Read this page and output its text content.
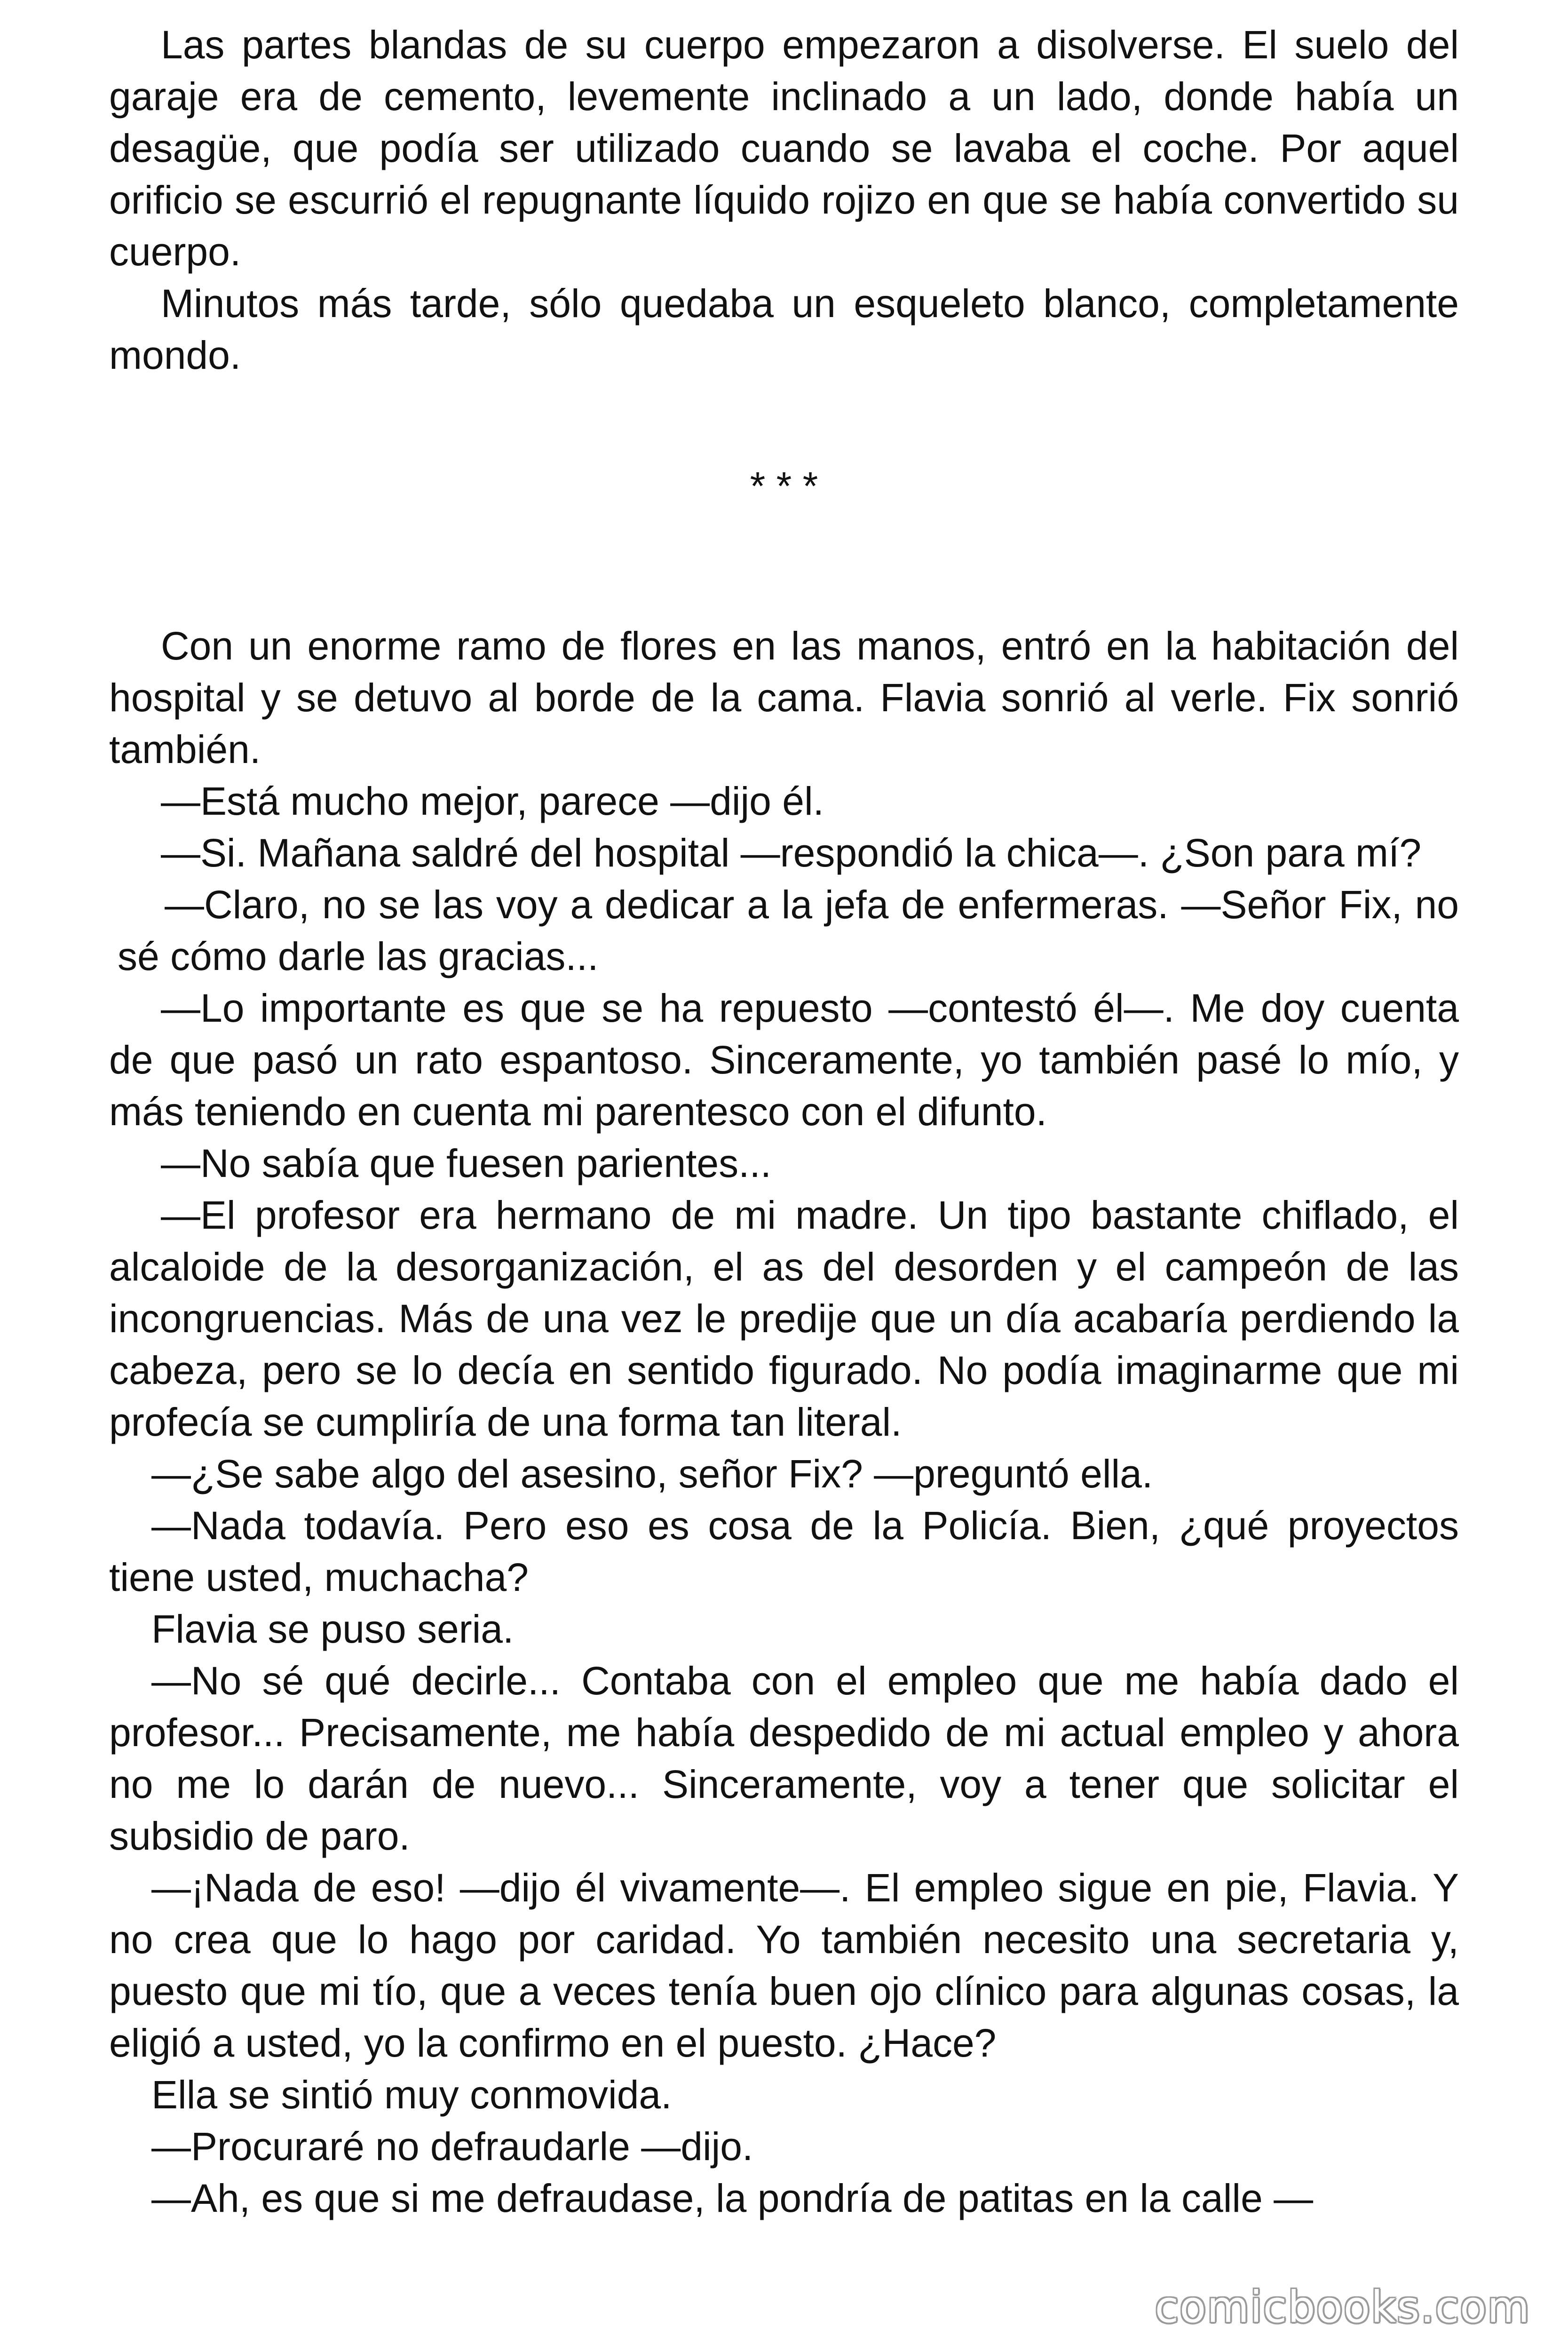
Las partes blandas de su cuerpo empezaron a disolverse. El suelo del garaje era de cemento, levemente inclinado a un lado, donde había un desagüe, que podía ser utilizado cuando se lavaba el coche. Por aquel orificio se escurrió el repugnante líquido rojizo en que se había convertido su cuerpo.

Minutos más tarde, sólo quedaba un esqueleto blanco, completamente mondo.

* * *

Con un enorme ramo de flores en las manos, entró en la habitación del hospital y se detuvo al borde de la cama. Flavia sonrió al verle. Fix sonrió también.

—Está mucho mejor, parece —dijo él.

—Si. Mañana saldré del hospital —respondió la chica—. ¿Son para mí?

—Claro, no se las voy a dedicar a la jefa de enfermeras. —Señor Fix, no sé cómo darle las gracias...

—Lo importante es que se ha repuesto —contestó él—. Me doy cuenta de que pasó un rato espantoso. Sinceramente, yo también pasé lo mío, y más teniendo en cuenta mi parentesco con el difunto.

—No sabía que fuesen parientes...

—El profesor era hermano de mi madre. Un tipo bastante chiflado, el alcaloide de la desorganización, el as del desorden y el campeón de las incongruencias. Más de una vez le predije que un día acabaría perdiendo la cabeza, pero se lo decía en sentido figurado. No podía imaginarme que mi profecía se cumpliría de una forma tan literal.

—¿Se sabe algo del asesino, señor Fix? —preguntó ella.

—Nada todavía. Pero eso es cosa de la Policía. Bien, ¿qué proyectos tiene usted, muchacha?

Flavia se puso seria.

—No sé qué decirle... Contaba con el empleo que me había dado el profesor... Precisamente, me había despedido de mi actual empleo y ahora no me lo darán de nuevo... Sinceramente, voy a tener que solicitar el subsidio de paro.

—¡Nada de eso! —dijo él vivamente—. El empleo sigue en pie, Flavia. Y no crea que lo hago por caridad. Yo también necesito una secretaria y, puesto que mi tío, que a veces tenía buen ojo clínico para algunas cosas, la eligió a usted, yo la confirmo en el puesto. ¿Hace?

Ella se sintió muy conmovida.

—Procuraré no defraudarle —dijo.

—Ah, es que si me defraudase, la pondría de patitas en la calle —

comicbooks.com
